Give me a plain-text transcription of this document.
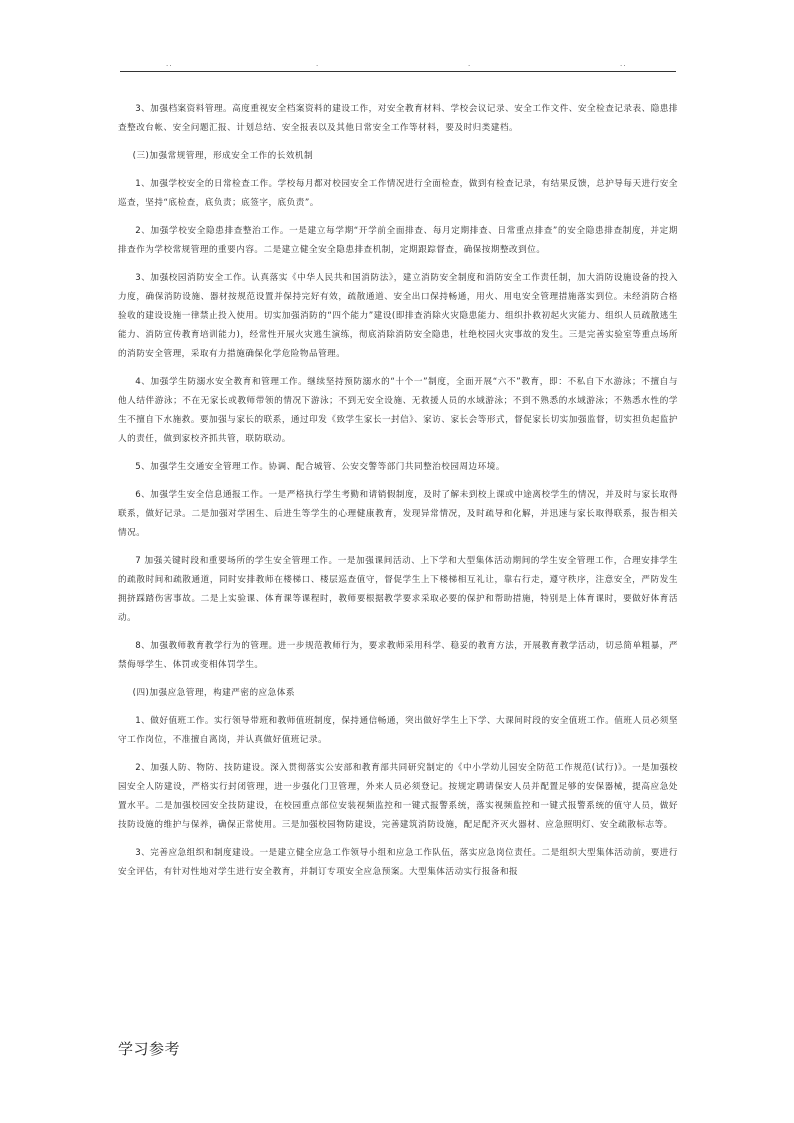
..	.	.	..

3、加强档案资料管理。高度重视安全档案资料的建设工作，对安全教育材料、学校会议记录、安全工作文件、安全检查记录表、隐患排查整改台帐、安全问题汇报、计划总结、安全报表以及其他日常安全工作等材料，要及时归类建档。

(三)加强常规管理，形成安全工作的长效机制

1、加强学校安全的日常检查工作。学校每月都对校园安全工作情况进行全面检查，做到有检查记录，有结果反馈，总护导每天进行安全巡查，坚持“底检查，底负责；底签字，底负责”。

2、加强学校安全隐患排查整治工作。一是建立每学期“开学前全面排查、每月定期排查、日常重点排查”的安全隐患排查制度，并定期排查作为学校常规管理的重要内容。二是建立健全安全隐患排查机制，定期跟踪督查，确保按期整改到位。

3、加强校园消防安全工作。认真落实《中华人民共和国消防法》，建立消防安全制度和消防安全工作责任制，加大消防设施设备的投入力度，确保消防设施、器材按规范设置并保持完好有效，疏散通道、安全出口保持畅通，用火、用电安全管理措施落实到位。未经消防合格验收的建设设施一律禁止投入使用。切实加强消防的“四个能力”建设(即排查消除火灾隐患能力、组织扑救初起火灾能力、组织人员疏散逃生能力、消防宣传教育培训能力)，经常性开展火灾逃生演练，彻底消除消防安全隐患，杜绝校园火灾事故的发生。三是完善实验室等重点场所的消防安全管理，采取有力措施确保化学危险物品管理。

4、加强学生防溺水安全教育和管理工作。继续坚持预防溺水的“十个一”制度，全面开展“六不”教育，即：不私自下水游泳；不擅自与他人结伴游泳；不在无家长或教师带领的情况下游泳；不到无安全设施、无救援人员的水域游泳；不到不熟悉的水域游泳；不熟悉水性的学生不擅自下水施救。要加强与家长的联系，通过印发《致学生家长一封信》、家访、家长会等形式，督促家长切实加强监督，切实担负起监护人的责任，做到家校齐抓共管，联防联动。

5、加强学生交通安全管理工作。协调、配合城管、公安交警等部门共同整治校园周边环境。

6、加强学生安全信息通报工作。一是严格执行学生考勤和请销假制度，及时了解未到校上课或中途离校学生的情况，并及时与家长取得联系，做好记录。二是加强对学困生、后进生等学生的心理健康教育，发现异常情况，及时疏导和化解，并迅速与家长取得联系，报告相关情况。

7 加强关键时段和重要场所的学生安全管理工作。一是加强课间活动、上下学和大型集体活动期间的学生安全管理工作，合理安排学生的疏散时间和疏散通道，同时安排教师在楼梯口、楼层巡查值守，督促学生上下楼梯相互礼让，靠右行走，遵守秩序，注意安全，严防发生拥挤踩踏伤害事故。二是上实验课、体育课等课程时，教师要根据教学要求采取必要的保护和帮助措施，特别是上体育课时，要做好体育活动。

8、加强教师教育教学行为的管理。进一步规范教师行为，要求教师采用科学、稳妥的教育方法，开展教育教学活动，切忌简单粗暴，严禁侮辱学生、体罚或变相体罚学生。

(四)加强应急管理，构建严密的应急体系

1、做好值班工作。实行领导带班和教师值班制度，保持通信畅通，突出做好学生上下学、大课间时段的安全值班工作。值班人员必须坚守工作岗位，不准擅自离岗，并认真做好值班记录。

2、加强人防、物防、技防建设。深入贯彻落实公安部和教育部共同研究制定的《中小学幼儿园安全防范工作规范(试行)》。一是加强校园安全人防建设，严格实行封闭管理，进一步强化门卫管理，外来人员必须登记。按规定聘请保安人员并配置足够的安保器械，提高应急处置水平。二是加强校园安全技防建设，在校园重点部位安装视频监控和一键式报警系统，落实视频监控和一键式报警系统的值守人员，做好技防设施的维护与保养，确保正常使用。三是加强校园物防建设，完善建筑消防设施，配足配齐灭火器材、应急照明灯、安全疏散标志等。

3、完善应急组织和制度建设。一是建立健全应急工作领导小组和应急工作队伍，落实应急岗位责任。二是组织大型集体活动前，要进行安全评估，有针对性地对学生进行安全教育，并制订专项安全应急预案。大型集体活动实行报备和报

学习参考
